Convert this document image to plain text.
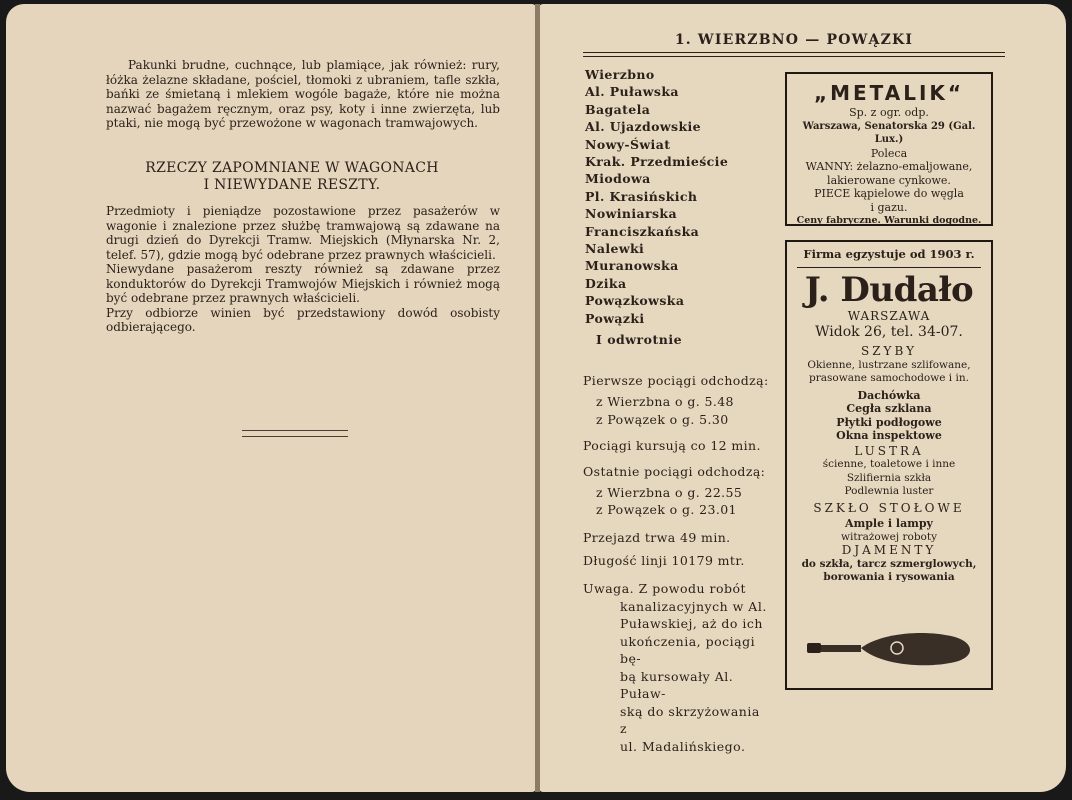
Pakunki brudne, cuchnące, lub plamiące, jak również: rury, łóżka żelazne składane, pościel, tłomoki z ubraniem, tafle szkła, bańki ze śmietaną i mlekiem wogóle bagaże, które nie można nazwać bagażem ręcznym, oraz psy, koty i inne zwierzęta, lub ptaki, nie mogą być przewożone w wagonach tramwajowych.

RZECZY ZAPOMNIANE W WAGONACH
I NIEWYDANE RESZTY.

Przedmioty i pieniądze pozostawione przez pasażerów w wagonie i znalezione przez służbę tramwajową są zdawane na drugi dzień do Dyrekcji Tramw. Miejskich (Młynarska Nr. 2, telef. 57), gdzie mogą być odebrane przez prawnych właścicieli.

Niewydane pasażerom reszty również są zdawane przez konduktorów do Dyrekcji Tramwojów Miejskich i również mogą być odebrane przez prawnych właścicieli.

Przy odbiorze winien być przedstawiony dowód osobisty odbierającego.

1. WIERZBNO — POWĄZKI
Wierzbno
Al. Puławska
Bagatela
Al. Ujazdowskie
Nowy-Świat
Krak. Przedmieście
Miodowa
Pl. Krasińskich
Nowiniarska
Franciszkańska
Nalewki
Muranowska
Dzika
Powązkowska
Powązki
I odwrotnie
Pierwsze pociągi odchodzą:
z Wierzbna o g. 5.48
z Powązek o g. 5.30
Pociągi kursują co 12 min.
Ostatnie pociągi odchodzą:
z Wierzbna o g. 22.55
z Powązek o g. 23.01
Przejazd trwa 49 min.
Długość linji 10179 mtr.
Uwaga. Z powodu robót
kanalizacyjnych w Al.
Puławskiej, aż do ich
ukończenia, pociągi bę-
bą kursowały Al. Puław-
ską do skrzyżowania z
ul. Madalińskiego.
„METALIK“
Sp. z ogr. odp.
Warszawa, Senatorska 29 (Gal. Lux.)
Poleca
WANNY: żelazno-emaljowane,
lakierowane cynkowe.
PIECE kąpielowe do węgla
i gazu.
Ceny fabryczne. Warunki dogodne.
Firma egzystuje od 1903 r.
J. Dudało
WARSZAWA
Widok 26, tel. 34-07.
SZYBY
Okienne, lustrzane szlifowane,
prasowane samochodowe i in.
Dachówka
Cegła szklana
Płytki podłogowe
Okna inspektowe
LUSTRA
ścienne, toaletowe i inne
Szlifiernia szkła
Podlewnia luster
SZKŁO STOŁOWE
Ample i lampy
witrażowej roboty
DJAMENTY
do szkła, tarcz szmerglowych,
borowania i rysowania
